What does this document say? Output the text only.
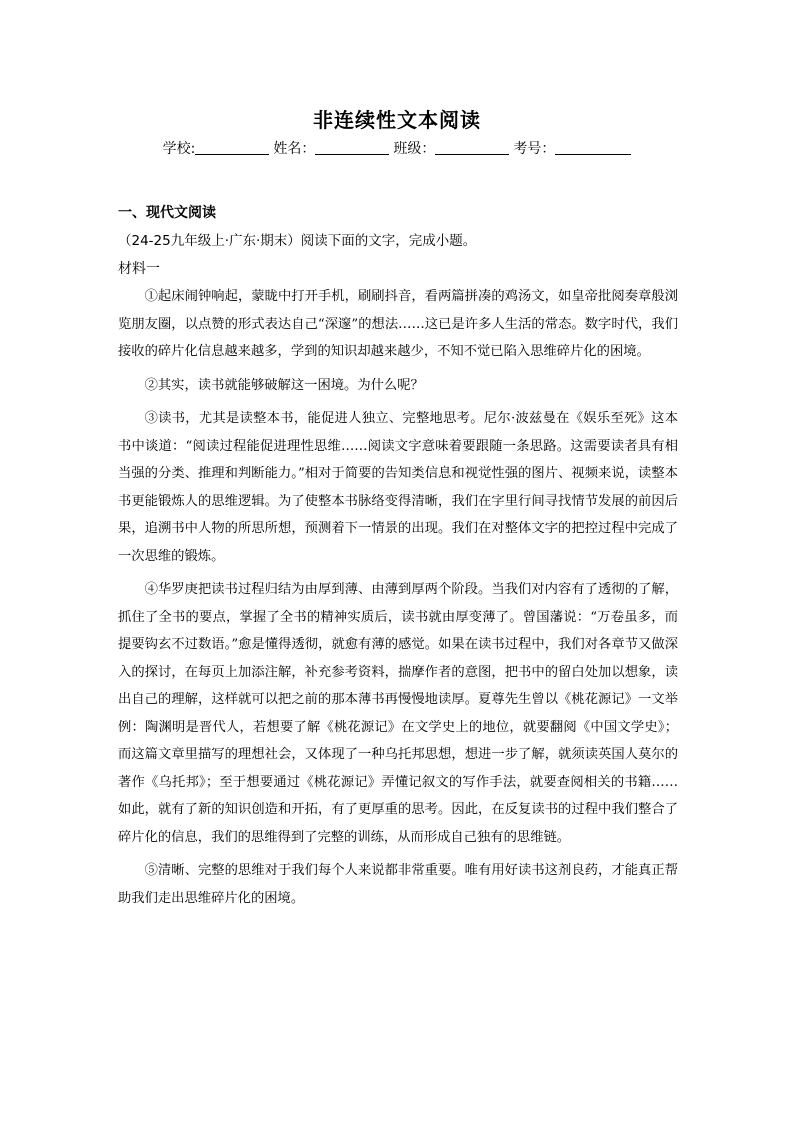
非连续性文本阅读
学校:	姓名：	班级：	考号：
一、现代文阅读
（24-25九年级上·广东·期末）阅读下面的文字，完成小题。
材料一

①起床闹钟响起，蒙眬中打开手机，刷刷抖音，看两篇拼凑的鸡汤文，如皇帝批阅奏章般浏览朋友圈，以点赞的形式表达自己“深邃”的想法……这已是许多人生活的常态。数字时代，我们接收的碎片化信息越来越多，学到的知识却越来越少，不知不觉已陷入思维碎片化的困境。

②其实，读书就能够破解这一困境。为什么呢？

③读书，尤其是读整本书，能促进人独立、完整地思考。尼尔·波兹曼在《娱乐至死》这本书中谈道：“阅读过程能促进理性思维……阅读文字意味着要跟随一条思路。这需要读者具有相当强的分类、推理和判断能力。”相对于简要的告知类信息和视觉性强的图片、视频来说，读整本书更能锻炼人的思维逻辑。为了使整本书脉络变得清晰，我们在字里行间寻找情节发展的前因后果，追溯书中人物的所思所想，预测着下一情景的出现。我们在对整体文字的把控过程中完成了一次思维的锻炼。

④华罗庚把读书过程归结为由厚到薄、由薄到厚两个阶段。当我们对内容有了透彻的了解，抓住了全书的要点，掌握了全书的精神实质后，读书就由厚变薄了。曾国藩说：“万卷虽多，而提要钩玄不过数语。”愈是懂得透彻，就愈有薄的感觉。如果在读书过程中，我们对各章节又做深入的探讨，在每页上加添注解，补充参考资料，揣摩作者的意图，把书中的留白处加以想象，读出自己的理解，这样就可以把之前的那本薄书再慢慢地读厚。夏尊先生曾以《桃花源记》一文举例：陶渊明是晋代人，若想要了解《桃花源记》在文学史上的地位，就要翻阅《中国文学史》；而这篇文章里描写的理想社会，又体现了一种乌托邦思想，想进一步了解，就须读英国人莫尔的著作《乌托邦》；至于想要通过《桃花源记》弄懂记叙文的写作手法，就要查阅相关的书籍……如此，就有了新的知识创造和开拓，有了更厚重的思考。因此，在反复读书的过程中我们整合了碎片化的信息，我们的思维得到了完整的训练，从而形成自己独有的思维链。

⑤清晰、完整的思维对于我们每个人来说都非常重要。唯有用好读书这剂良药，才能真正帮助我们走出思维碎片化的困境。
